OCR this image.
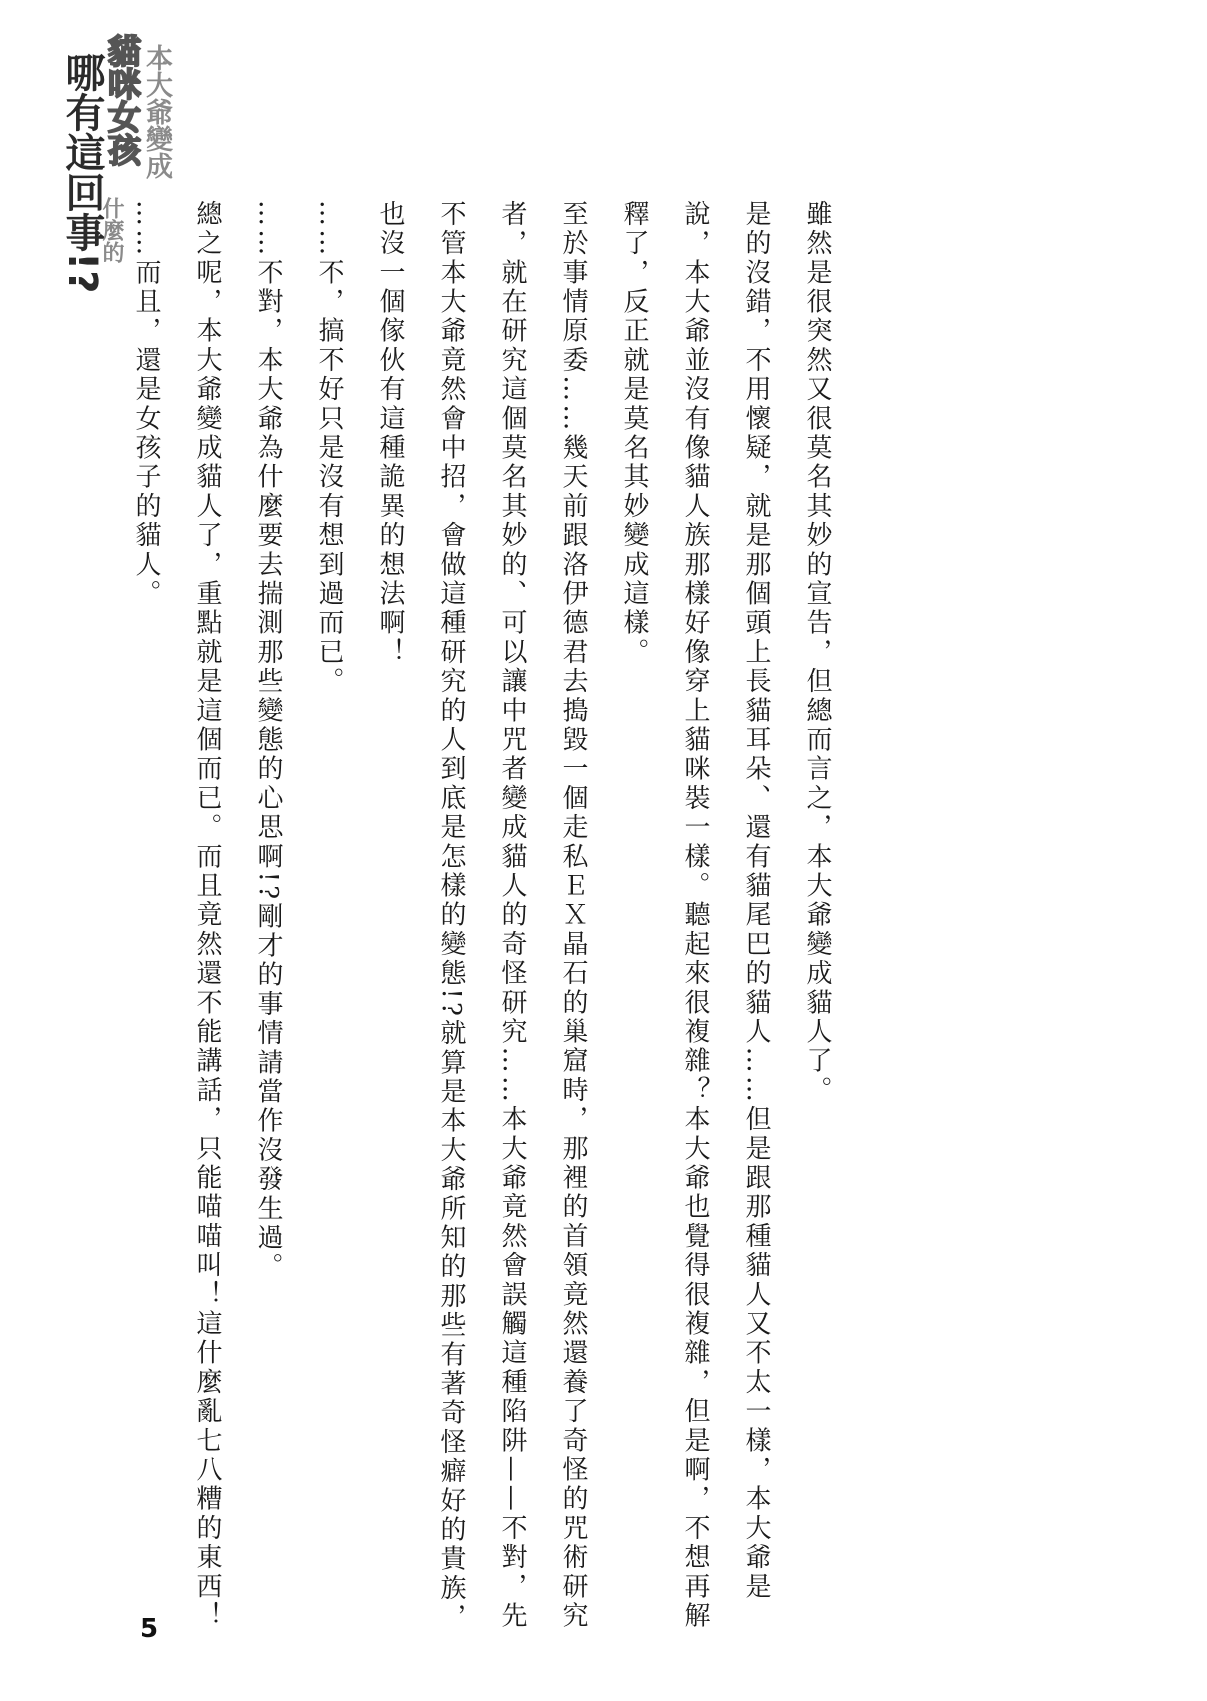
本大爺變成
貓咪女孩
哪有這回事!?
什麼的	雖然是很突然又很莫名其妙的宣告，但總而言之，本大爺變成貓人了。

是的沒錯，不用懷疑，就是那個頭上長貓耳朵、還有貓尾巴的貓人……但是跟那種貓人又不太一樣，本大爺是說，本大爺並沒有像貓人族那樣好像穿上貓咪裝一樣。聽起來很複雜？本大爺也覺得很複雜，但是啊，不想再解釋了，反正就是莫名其妙變成這樣。

至於事情原委……幾天前跟洛伊德君去搗毀一個走私ＥＸ晶石的巢窟時，那裡的首領竟然還養了奇怪的咒術研究者，就在研究這個莫名其妙的、可以讓中咒者變成貓人的奇怪研究……本大爺竟然會誤觸這種陷阱——不對，先不管本大爺竟然會中招，會做這種研究的人到底是怎樣的變態!?就算是本大爺所知的那些有著奇怪癖好的貴族，也沒一個傢伙有這種詭異的想法啊！

……不，搞不好只是沒有想到過而已。

……不對，本大爺為什麼要去揣測那些變態的心思啊!?剛才的事情請當作沒發生過。

總之呢，本大爺變成貓人了，重點就是這個而已。而且竟然還不能講話，只能喵喵叫！這什麼亂七八糟的東西！

……而且，還是女孩子的貓人。

5
